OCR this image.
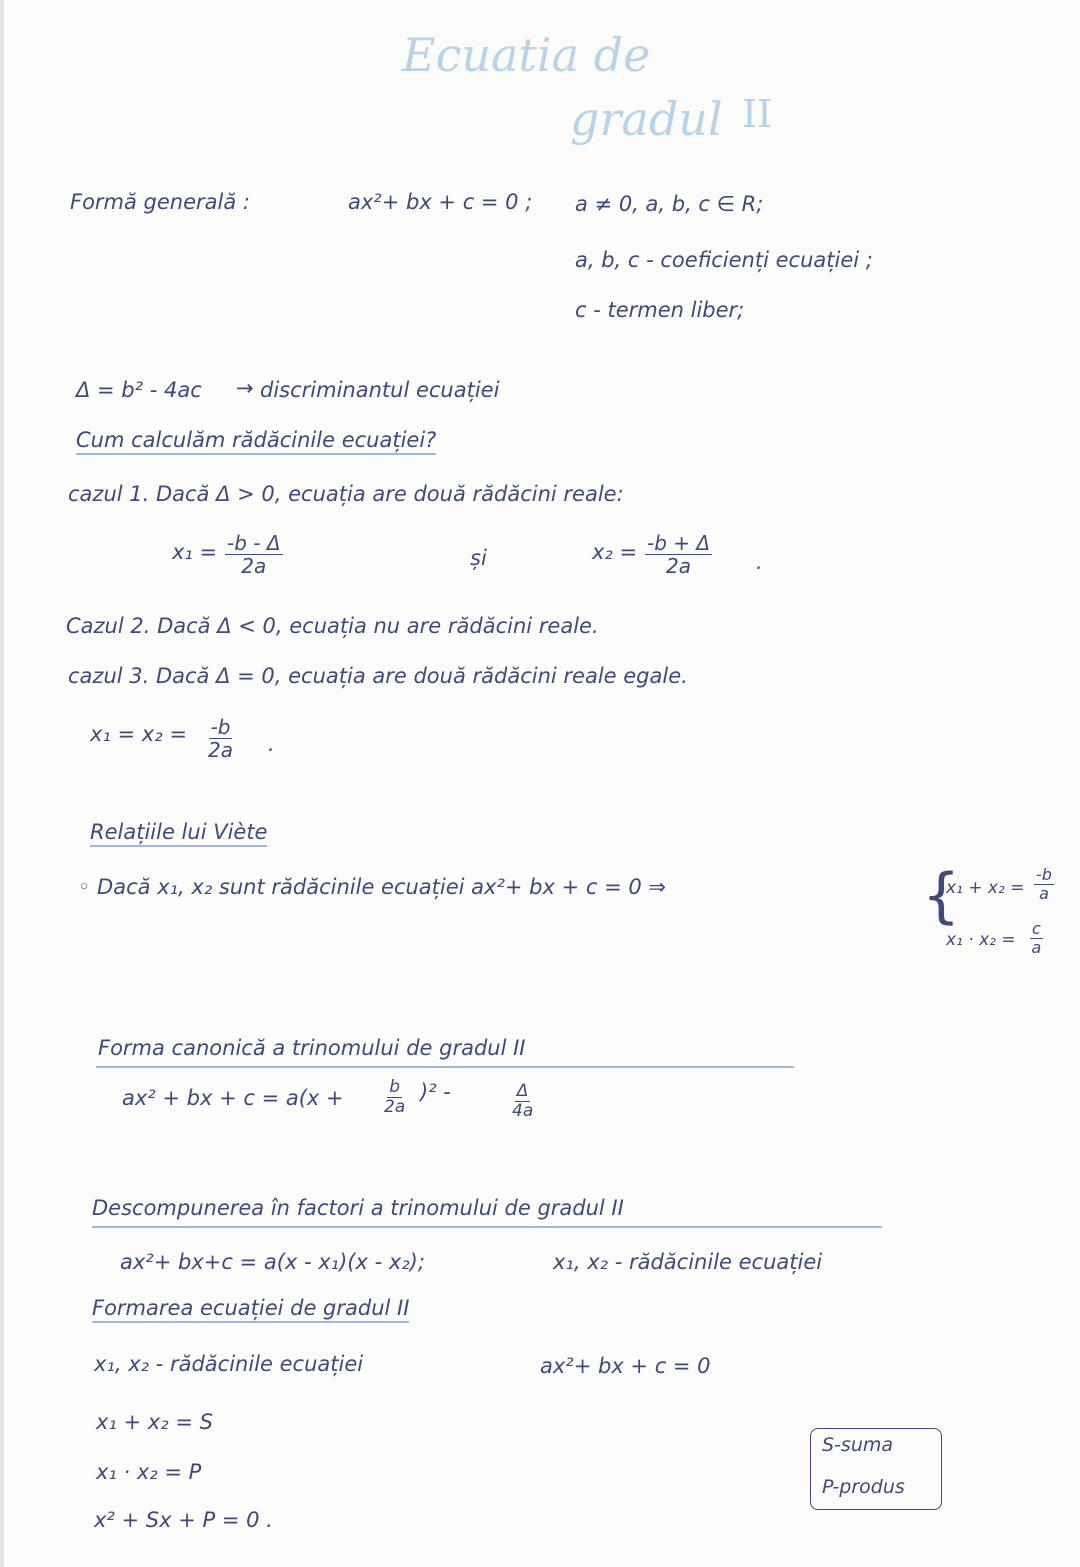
Ecuatia de
gradul II
Formă generală :	ax²+ bx + c = 0 ; a ≠ 0, a, b, c ∈ R;
a, b, c - coeficienți ecuației ;
c - termen liber;
Δ = b² - 4ac → discriminantul ecuației
Cum calculăm rădăcinile ecuației?
cazul 1. Dacă Δ > 0, ecuația are două rădăcini reale:
$x_1 = \frac{-b - \Delta}{2a}$	și	$x_2 = \frac{-b + \Delta}{2a}$ .
Cazul 2. Dacă Δ < 0, ecuația nu are rădăcini reale.
cazul 3. Dacă Δ = 0, ecuația are două rădăcini reale egale.
$x_1 = x_2 = \frac{-b}{2a}$ .
Relațiile lui Viète
◦ Dacă x₁, x₂ sunt rădăcinile ecuației ax²+ bx + c = 0 ⇒	{
$x_1 + x_2 = \frac{-b}{a}$
$x_1 \cdot x_2 = \frac{c}{a}$
Forma canonică a trinomului de gradul II
ax² + bx + $c = a(x + \frac{b}{2a} )^2$ -	$\frac{\Delta}{4a}$
Descompunerea în factori a trinomului de gradul II
ax²+ bx+c = a(x - x₁)(x - x₂);	x₁, x₂ - rădăcinile ecuației
Formarea ecuației de gradul II
x₁, x₂ - rădăcinile ecuației	ax²+ bx + c = 0
x₁ + x₂ = S
x₁ · x₂ = P
x² + Sx + P = 0 .
S-suma
P-produs
